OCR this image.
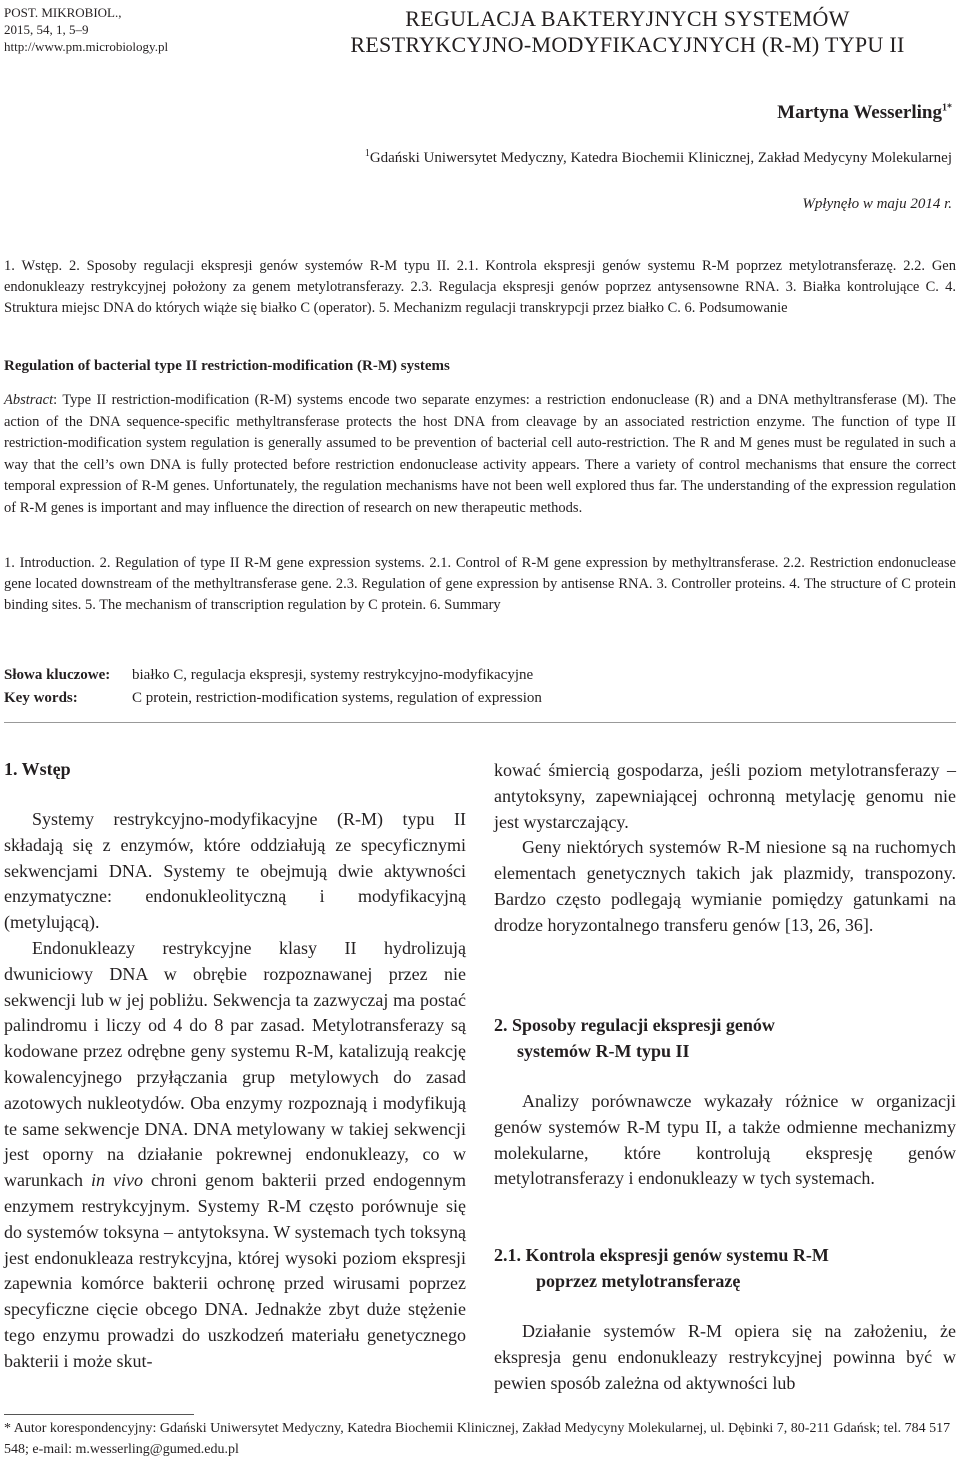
POST. MIKROBIOL.,
2015, 54, 1, 5–9
http://www.pm.microbiology.pl
REGULACJA BAKTERYJNYCH SYSTEMÓW
RESTRYKCYJNO-MODYFIKACYJNYCH (R-M) TYPU II
Martyna Wesserling$^{1*}$
$^1$Gdański Uniwersytet Medyczny, Katedra Biochemii Klinicznej, Zakład Medycyny Molekularnej
Wpłynęło w maju 2014 r.
1. Wstęp. 2. Sposoby regulacji ekspresji genów systemów R-M typu II. 2.1. Kontrola ekspresji genów systemu R-M poprzez metylotransferazę. 2.2. Gen endonukleazy restrykcyjnej położony za genem metylotransferazy. 2.3. Regulacja ekspresji genów poprzez antysensowne RNA. 3. Białka kontrolujące C. 4. Struktura miejsc DNA do których wiąże się białko C (operator). 5. Mechanizm regulacji transkrypcji przez białko C. 6. Podsumowanie
Regulation of bacterial type II restriction-modification (R-M) systems
Abstract: Type II restriction-modification (R-M) systems encode two separate enzymes: a restriction endonuclease (R) and a DNA methyltransferase (M). The action of the DNA sequence-specific methyltransferase protects the host DNA from cleavage by an associated restriction enzyme. The function of type II restriction-modification system regulation is generally assumed to be prevention of bacterial cell auto-restriction. The R and M genes must be regulated in such a way that the cell’s own DNA is fully protected before restriction endonuclease activity appears. There a variety of control mechanisms that ensure the correct temporal expression of R-M genes. Unfortunately, the regulation mechanisms have not been well explored thus far. The understanding of the expression regulation of R-M genes is important and may influence the direction of research on new therapeutic methods.
1. Introduction. 2. Regulation of type II R-M gene expression systems. 2.1. Control of R-M gene expression by methyltransferase. 2.2. Restriction endonuclease gene located downstream of the methyltransferase gene. 2.3. Regulation of gene expression by antisense RNA. 3. Controller proteins. 4. The structure of C protein binding sites. 5. The mechanism of transcription regulation by C protein. 6. Summary
Słowa kluczowe:	białko C, regulacja ekspresji, systemy restrykcyjno-modyfikacyjne
Key words:	C protein, restriction-modification systems, regulation of expression
1. Wstęp

Systemy restrykcyjno-modyfikacyjne (R-M) typu II składają się z enzymów, które oddziałują ze specyficznymi sekwencjami DNA. Systemy te obejmują dwie aktywności enzymatyczne: endonukleolityczną i modyfikacyjną (metylującą).

Endonukleazy restrykcyjne klasy II hydrolizują dwuniciowy DNA w obrębie rozpoznawanej przez nie sekwencji lub w jej pobliżu. Sekwencja ta zazwyczaj ma postać palindromu i liczy od 4 do 8 par zasad. Metylotransferazy są kodowane przez odrębne geny systemu R-M, katalizują reakcję kowalencyjnego przyłączania grup metylowych do zasad azotowych nukleotydów. Oba enzymy rozpoznają i modyfikują te same sekwencje DNA. DNA metylowany w takiej sekwencji jest oporny na działanie pokrewnej endonukleazy, co w warunkach in vivo chroni genom bakterii przed endogennym enzymem restrykcyjnym. Systemy R-M często porównuje się do systemów toksyna – antytoksyna. W systemach tych toksyną jest endonukleaza restrykcyjna, której wysoki poziom ekspresji zapewnia komórce bakterii ochronę przed wirusami poprzez specyficzne cięcie obcego DNA. Jednakże zbyt duże stężenie tego enzymu prowadzi do uszkodzeń materiału genetycznego bakterii i może skut-

kować śmiercią gospodarza, jeśli poziom metylotransferazy – antytoksyny, zapewniającej ochronną metylację genomu nie jest wystarczający.

Geny niektórych systemów R-M niesione są na ruchomych elementach genetycznych takich jak plazmidy, transpozony. Bardzo często podlegają wymianie pomiędzy gatunkami na drodze horyzontalnego transferu genów [13, 26, 36].

2. Sposoby regulacji ekspresji genów
systemów R-M typu II

Analizy porównawcze wykazały różnice w organizacji genów systemów R-M typu II, a także odmienne mechanizmy molekularne, które kontrolują ekspresję genów metylotransferazy i endonukleazy w tych systemach.

2.1. Kontrola ekspresji genów systemu R-M
poprzez metylotransferazę

Działanie systemów R-M opiera się na założeniu, że ekspresja genu endonukleazy restrykcyjnej powinna być w pewien sposób zależna od aktywności lub

* Autor korespondencyjny: Gdański Uniwersytet Medyczny, Katedra Biochemii Klinicznej, Zakład Medycyny Molekularnej, ul. Dębinki 7, 80-211 Gdańsk; tel. 784 517 548; e-mail: m.wesserling@gumed.edu.pl
